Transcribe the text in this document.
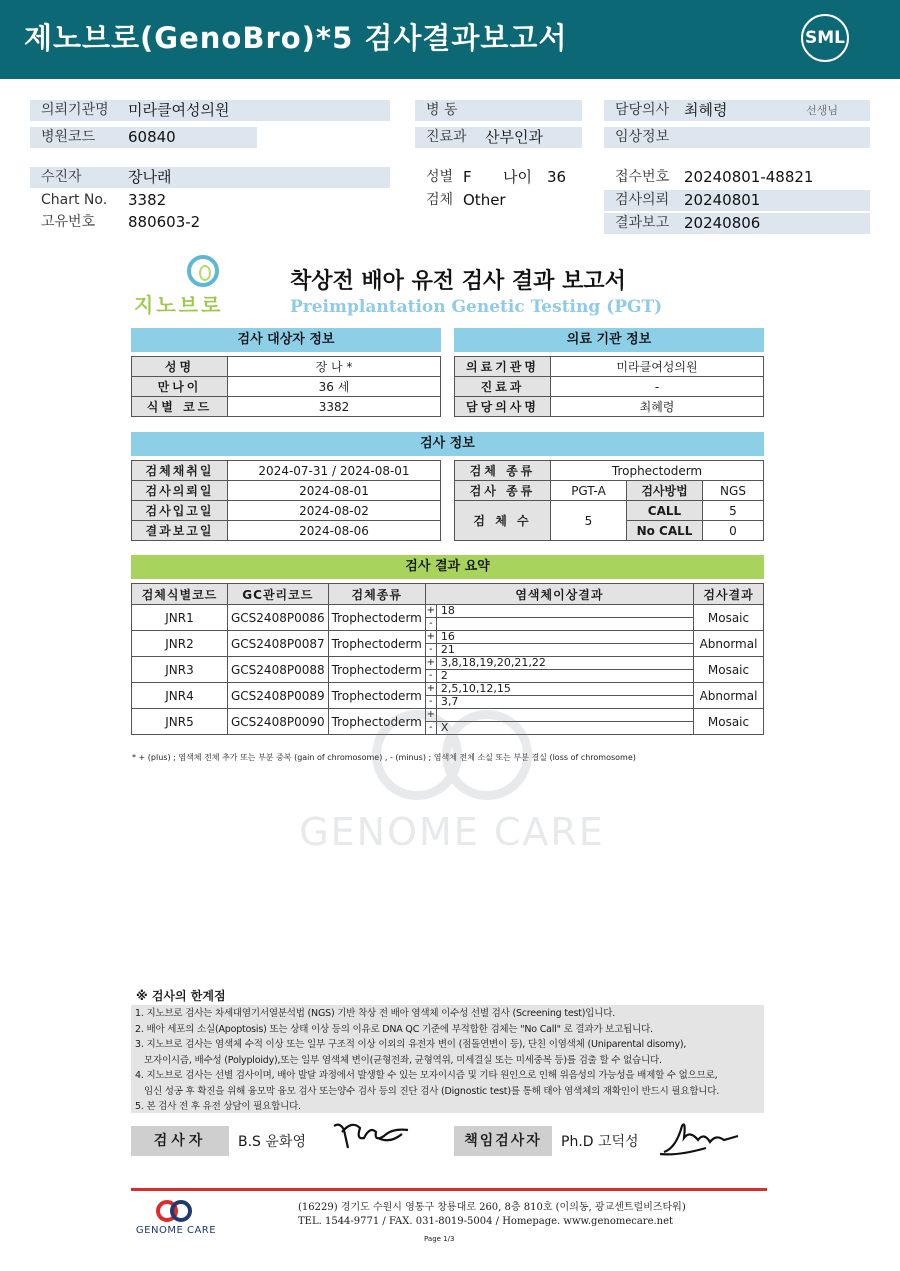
제노브로(GenoBro)*5 검사결과보고서	SML
의뢰기관명 미라클여성의원
병원코드 60840
수진자	장나래
Chart No. 3382
고유번호 880603-2
병 동
진료과 산부인과
성별 F 나이 36
검체 Other
담당의사 최혜령	선생님
임상정보
접수번호 20240801-48821
검사의뢰 20240801
결과보고 20240806
지노브로
착상전 배아 유전 검사 결과 보고서
Preimplantation Genetic Testing (PGT)
검사 대상자 정보
성명	장 나 *
만나이	36 세
식별 코드	3382
의료 기관 정보
의료기관명	미라클여성의원
진료과	-
담당의사명	최혜령
검사 정보
검체채취일	2024-07-31 / 2024-08-01
검사의뢰일	2024-08-01
검사입고일	2024-08-02
결과보고일	2024-08-06
검체 종류	Trophectoderm		
검사 종류	PGT-A	검사방법	NGS
검 체 수	5	CALL	5
		No CALL	0
검사 결과 요약
검체식별코드	GC관리코드	검체종류	염색체이상결과		검사결과
JNR1	GCS2408P0086	Trophectoderm	+	18	Mosaic
			-		
JNR2	GCS2408P0087	Trophectoderm	+	16	Abnormal
			-	21	
JNR3	GCS2408P0088	Trophectoderm	+	3,8,18,19,20,21,22	Mosaic
			-	2	
JNR4	GCS2408P0089	Trophectoderm	+	2,5,10,12,15	Abnormal
			-	3,7	
JNR5	GCS2408P0090	Trophectoderm	+		Mosaic
			-	X	
* + (plus) ; 염색체 전체 추가 또는 부분 중복 (gain of chromosome) , - (minus) ; 염색체 전체 소실 또는 부분 결실 (loss of chromosome)
GENOME CARE
※ 검사의 한계점
1. 지노브로 검사는 차세대염기서열분석법 (NGS) 기반 착상 전 배아 염색체 이수성 선별 검사 (Screening test)입니다.
2. 배아 세포의 소실(Apoptosis) 또는 상태 이상 등의 이유로 DNA QC 기준에 부적합한 검체는 "No Call" 로 결과가 보고됩니다.
3. 지노브로 검사는 염색체 수적 이상 또는 일부 구조적 이상 이외의 유전자 변이 (점돌연변이 등), 단친 이염색체 (Uniparental disomy),
모자이시즘, 배수성 (Polyploidy),또는 일부 염색체 변이(균형전좌, 균형역위, 미세결실 또는 미세중복 등)를 검출 할 수 없습니다.
4. 지노브로 검사는 선별 검사이며, 배아 발달 과정에서 발생할 수 있는 모자이시즘 및 기타 원인으로 인해 위음성의 가능성을 배제할 수 없으므로,
임신 성공 후 확진을 위해 융모막 융모 검사 또는양수 검사 등의 진단 검사 (Dignostic test)를 통해 태아 염색체의 재확인이 반드시 필요합니다.
5. 본 검사 전 후 유전 상담이 필요합니다.
검사자	B.S 윤화영	책임검사자	Ph.D 고덕성
GENOME CARE
(16229) 경기도 수원시 영통구 창룡대로 260, 8층 810호 (이의동, 광교센트럴비즈타워)
TEL. 1544-9771 / FAX. 031-8019-5004 / Homepage. www.genomecare.net
Page 1/3
